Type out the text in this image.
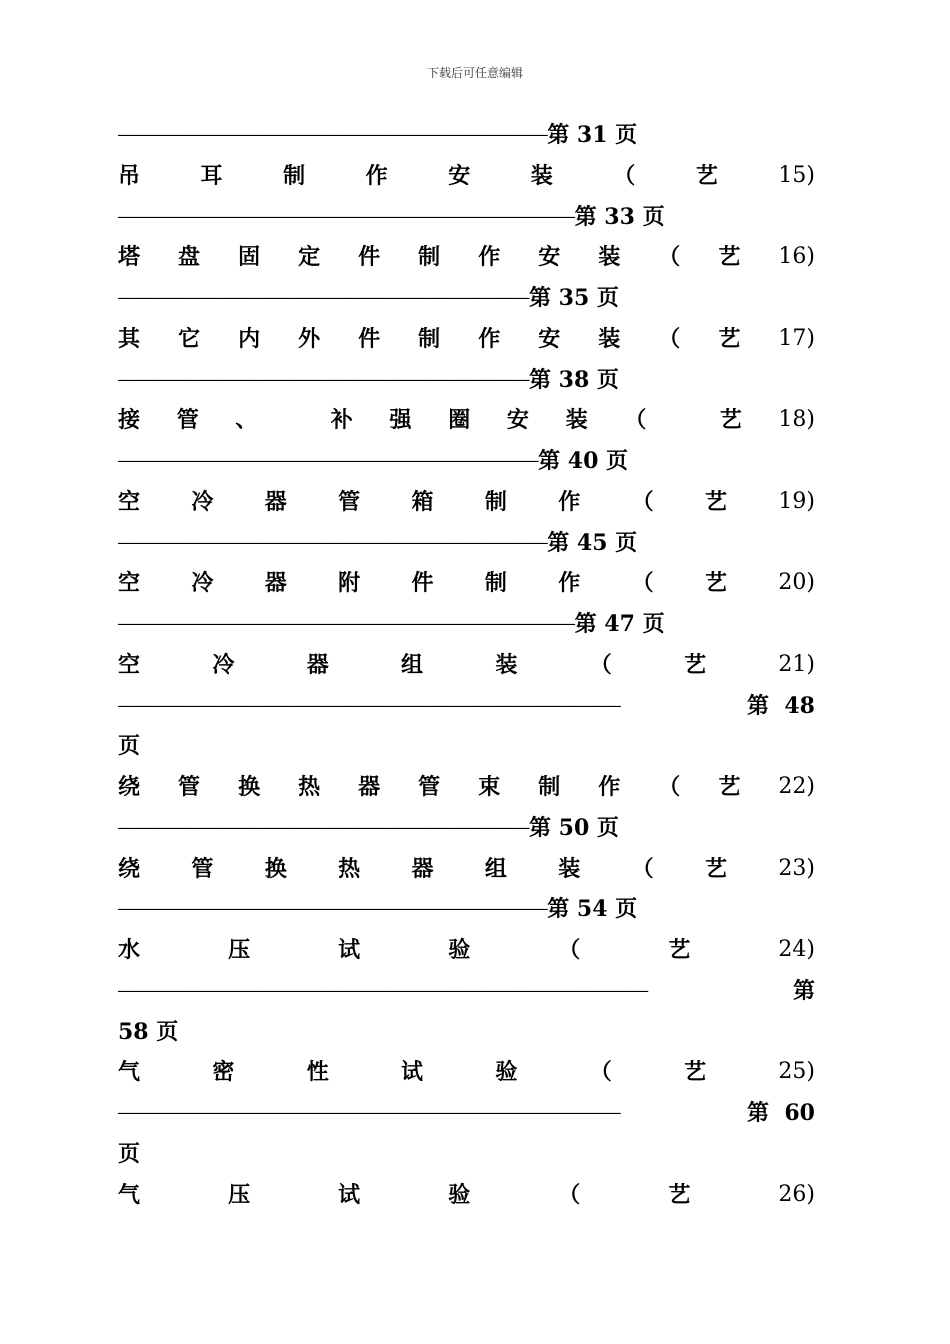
下载后可任意编辑
——————————————————————————————————————————————— 第 31 页
吊	耳	制	作	安	装	（	艺	15)
—————————————————————————————————————————————————— 第 33 页
塔 盘 固 定 件 制 作 安 装 （ 艺 16)
————————————————————————————————————————————— 第 35 页
其 它 内 外 件 制 作 安 装 （ 艺 17)
————————————————————————————————————————————— 第 38 页
接 管 、	补 强 圈 安 装 （	艺 18)
—————————————————————————————————————————————— 第 40 页
空 冷 器 管 箱 制 作 （ 艺 19)
——————————————————————————————————————————————— 第 45 页
空 冷 器 附 件 制 作 （ 艺 20)
—————————————————————————————————————————————————— 第 47 页
空	冷	器	组	装	（	艺	21)
———————————————————————————————————————————————————————	第 48
页
绕 管 换 热 器 管 束 制 作 （ 艺 22)
————————————————————————————————————————————— 第 50 页
绕 管 换 热 器 组 装 （ 艺 23)
——————————————————————————————————————————————— 第 54 页
水	压	试	验	（	艺	24)
——————————————————————————————————————————————————————————	第
58 页
气	密	性	试	验	（	艺	25)
———————————————————————————————————————————————————————	第 60
页
气	压	试	验	（	艺	26)
